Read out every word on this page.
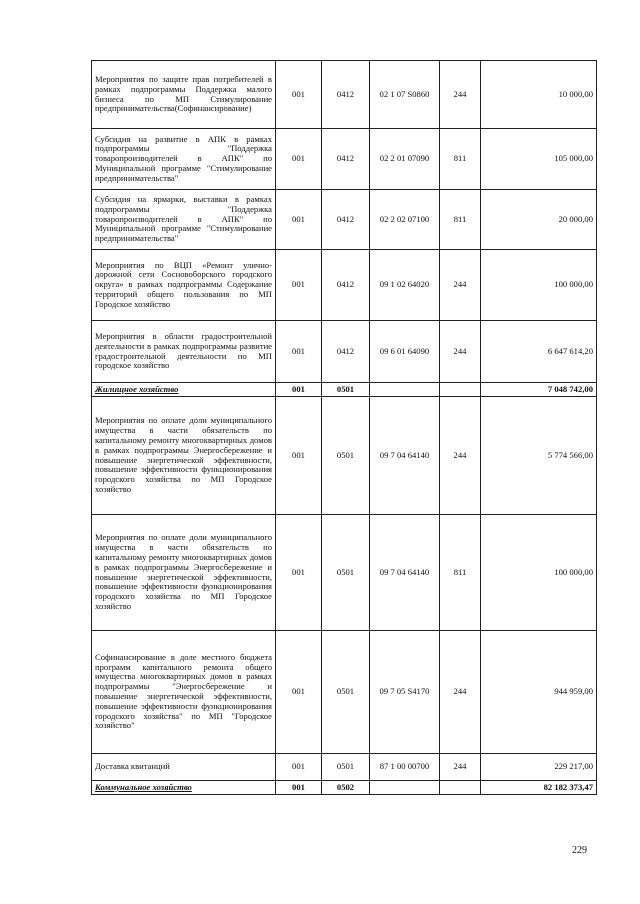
Мероприятия по защите прав потребителей в рамках подпрограммы Поддержка малого бизнеса по МП Стимулирование предпринимательства(Софинансирование)	001	0412	02 1 07 S0860	244	10 000,00
Субсидия на развитие в АПК в рамках подпрограммы "Поддержка товаропроизводителей в АПК" по Муниципальной программе "Стимулирование предпринимательства"	001	0412	02 2 01 07090	811	105 000,00
Субсидия на ярмарки, выставки в рамках подпрограммы "Поддержка товаропроизводителей в АПК" по Муниципальной программе "Стимулирование предпринимательства"	001	0412	02 2 02 07100	811	20 000,00
Мероприятия по ВЦП «Ремонт улично-дорожной сети Сосновоборского городского округа» в рамках подпрограммы Содержание территорий общего пользования по МП Городское хозяйство	001	0412	09 1 02 64020	244	100 000,00
Мероприятия в области градостроительной деятельности в рамках подпрограммы развитие градостроительной деятельности по МП городское хозяйство	001	0412	09 6 01 64090	244	6 647 614,20
Жилищное хозяйство	001	0501			7 048 742,00
Мероприятия по оплате доли муниципального имущества в части обязательств по капитальному ремонту многоквартирных домов в рамках подпрограммы Энергосбережение и повышение энергетической эффективности, повышение эффективности функционирования городского хозяйства по МП Городское хозяйство	001	0501	09 7 04 64140	244	5 774 566,00
Мероприятия по оплате доли муниципального имущества в части обязательств по капитальному ремонту многоквартирных домов в рамках подпрограммы Энергосбережение и повышение энергетической эффективности, повышение эффективности функционирования городского хозяйства по МП Городское хозяйство	001	0501	09 7 04 64140	811	100 000,00
Софинансирование в доле местного бюджета программ капитального ремонта общего имущества многоквартирных домов в рамках подпрограммы "Энергосбережение и повышение энергетической эффективности, повышение эффективности функционирования городского хозяйства" по МП "Городское хозяйство"	001	0501	09 7 05 S4170	244	944 959,00
Доставка квитанций	001	0501	87 1 00 00700	244	229 217,00
Коммунальное хозяйство	001	0502			82 182 373,47
229
